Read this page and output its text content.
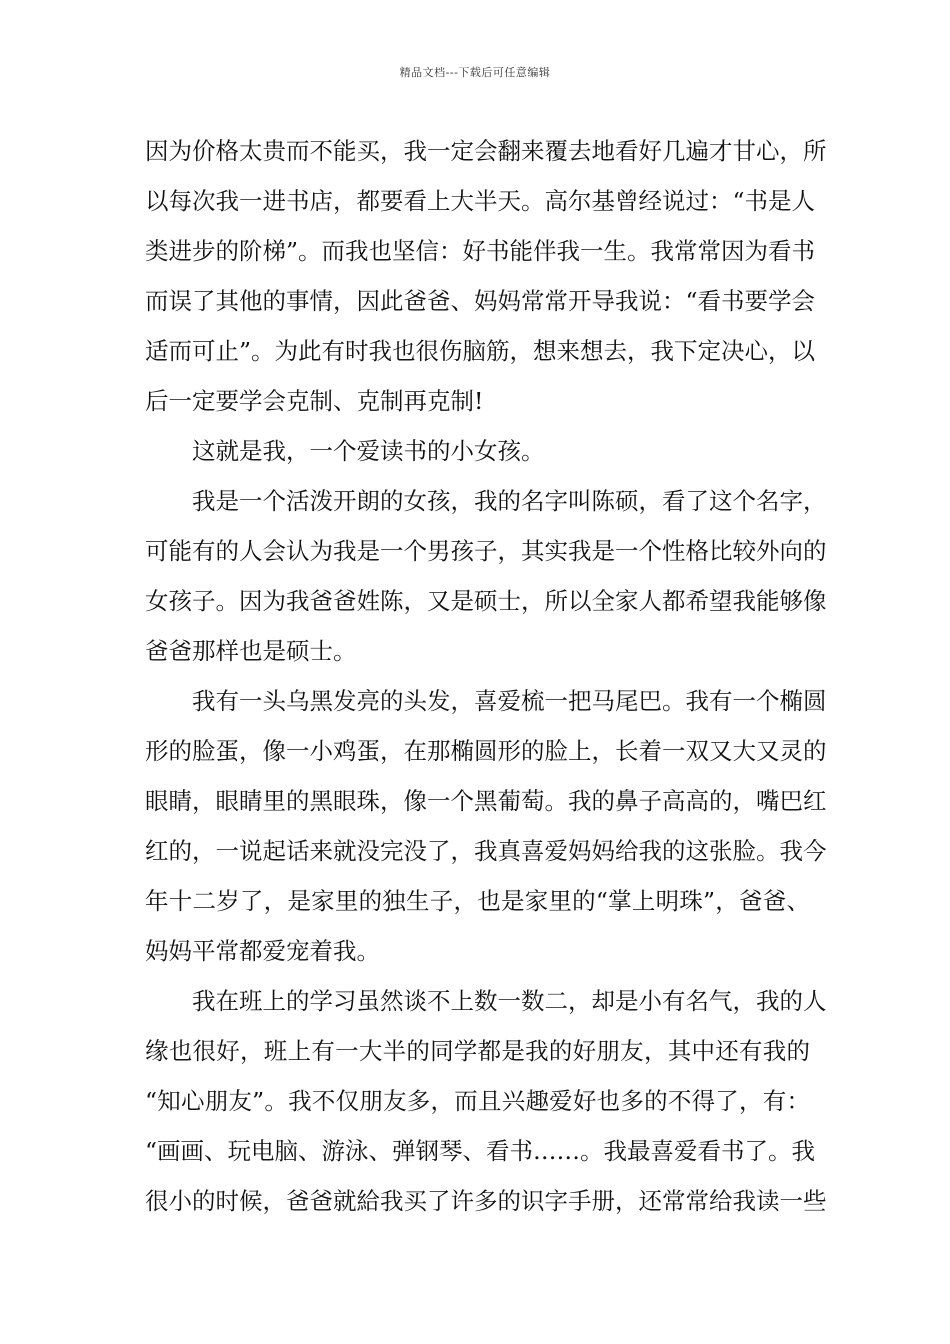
精品文档---下载后可任意编辑
因为价格太贵而不能买，我一定会翻来覆去地看好几遍才甘心，所
以每次我一进书店，都要看上大半天。高尔基曾经说过：“书是人
类进步的阶梯”。而我也坚信：好书能伴我一生。我常常因为看书
而误了其他的事情，因此爸爸、妈妈常常开导我说：“看书要学会
适而可止”。为此有时我也很伤脑筋，想来想去，我下定决心，以
后一定要学会克制、克制再克制!
这就是我，一个爱读书的小女孩。
我是一个活泼开朗的女孩，我的名字叫陈硕，看了这个名字，
可能有的人会认为我是一个男孩子，其实我是一个性格比较外向的
女孩子。因为我爸爸姓陈，又是硕士，所以全家人都希望我能够像
爸爸那样也是硕士。
我有一头乌黑发亮的头发，喜爱梳一把马尾巴。我有一个椭圆
形的脸蛋，像一小鸡蛋，在那椭圆形的脸上，长着一双又大又灵的
眼睛，眼睛里的黑眼珠，像一个黑葡萄。我的鼻子高高的，嘴巴红
红的，一说起话来就没完没了，我真喜爱妈妈给我的这张脸。我今
年十二岁了，是家里的独生子，也是家里的“掌上明珠”，爸爸、
妈妈平常都爱宠着我。
我在班上的学习虽然谈不上数一数二，却是小有名气，我的人
缘也很好，班上有一大半的同学都是我的好朋友，其中还有我的
“知心朋友”。我不仅朋友多，而且兴趣爱好也多的不得了，有：
“画画、玩电脑、游泳、弹钢琴、看书……。我最喜爱看书了。我
很小的时候，爸爸就給我买了许多的识字手册，还常常给我读一些
